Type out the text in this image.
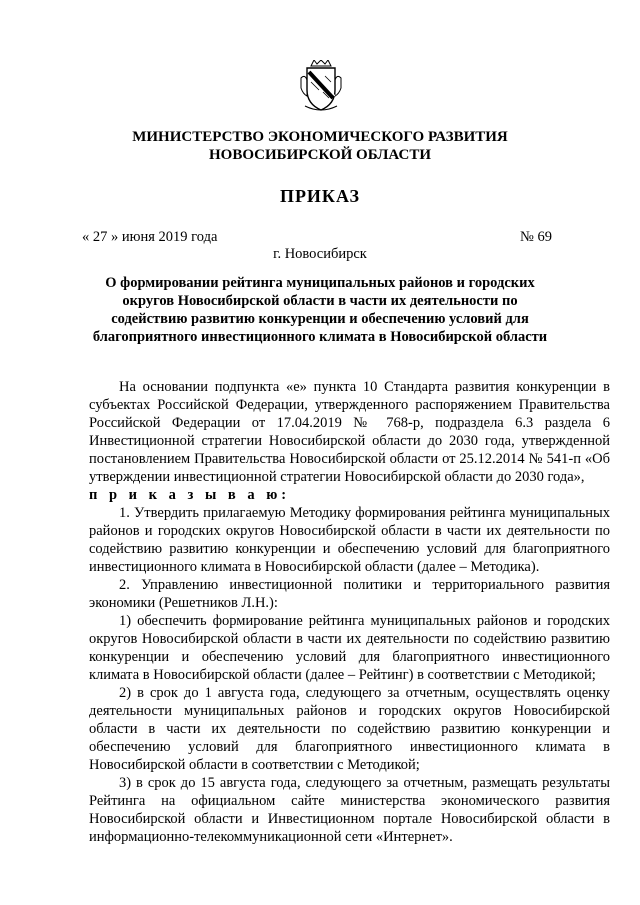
МИНИСТЕРСТВО ЭКОНОМИЧЕСКОГО РАЗВИТИЯ
НОВОСИБИРСКОЙ ОБЛАСТИ
ПРИКАЗ
« 27 » июня 2019 года	№ 69
г. Новосибирск
О формировании рейтинга муниципальных районов и городских округов Новосибирской области в части их деятельности по содействию развитию конкуренции и обеспечению условий для благоприятного инвестиционного климата в Новосибирской области

На основании подпункта «е» пункта 10 Стандарта развития конкуренции в субъектах Российской Федерации, утвержденного распоряжением Правительства Российской Федерации от 17.04.2019 № 768-р, подраздела 6.3 раздела 6 Инвестиционной стратегии Новосибирской области до 2030 года, утвержденной постановлением Правительства Новосибирской области от 25.12.2014 № 541-п «Об утверждении инвестиционной стратегии Новосибирской области до 2030 года»,

п р и к а з ы в а ю:

1. Утвердить прилагаемую Методику формирования рейтинга муниципальных районов и городских округов Новосибирской области в части их деятельности по содействию развитию конкуренции и обеспечению условий для благоприятного инвестиционного климата в Новосибирской области (далее – Методика).

2. Управлению инвестиционной политики и территориального развития экономики (Решетников Л.Н.):

1) обеспечить формирование рейтинга муниципальных районов и городских округов Новосибирской области в части их деятельности по содействию развитию конкуренции и обеспечению условий для благоприятного инвестиционного климата в Новосибирской области (далее – Рейтинг) в соответствии с Методикой;

2) в срок до 1 августа года, следующего за отчетным, осуществлять оценку деятельности муниципальных районов и городских округов Новосибирской области в части их деятельности по содействию развитию конкуренции и обеспечению условий для благоприятного инвестиционного климата в Новосибирской области в соответствии с Методикой;

3) в срок до 15 августа года, следующего за отчетным, размещать результаты Рейтинга на официальном сайте министерства экономического развития Новосибирской области и Инвестиционном портале Новосибирской области в информационно-телекоммуникационной сети «Интернет».
